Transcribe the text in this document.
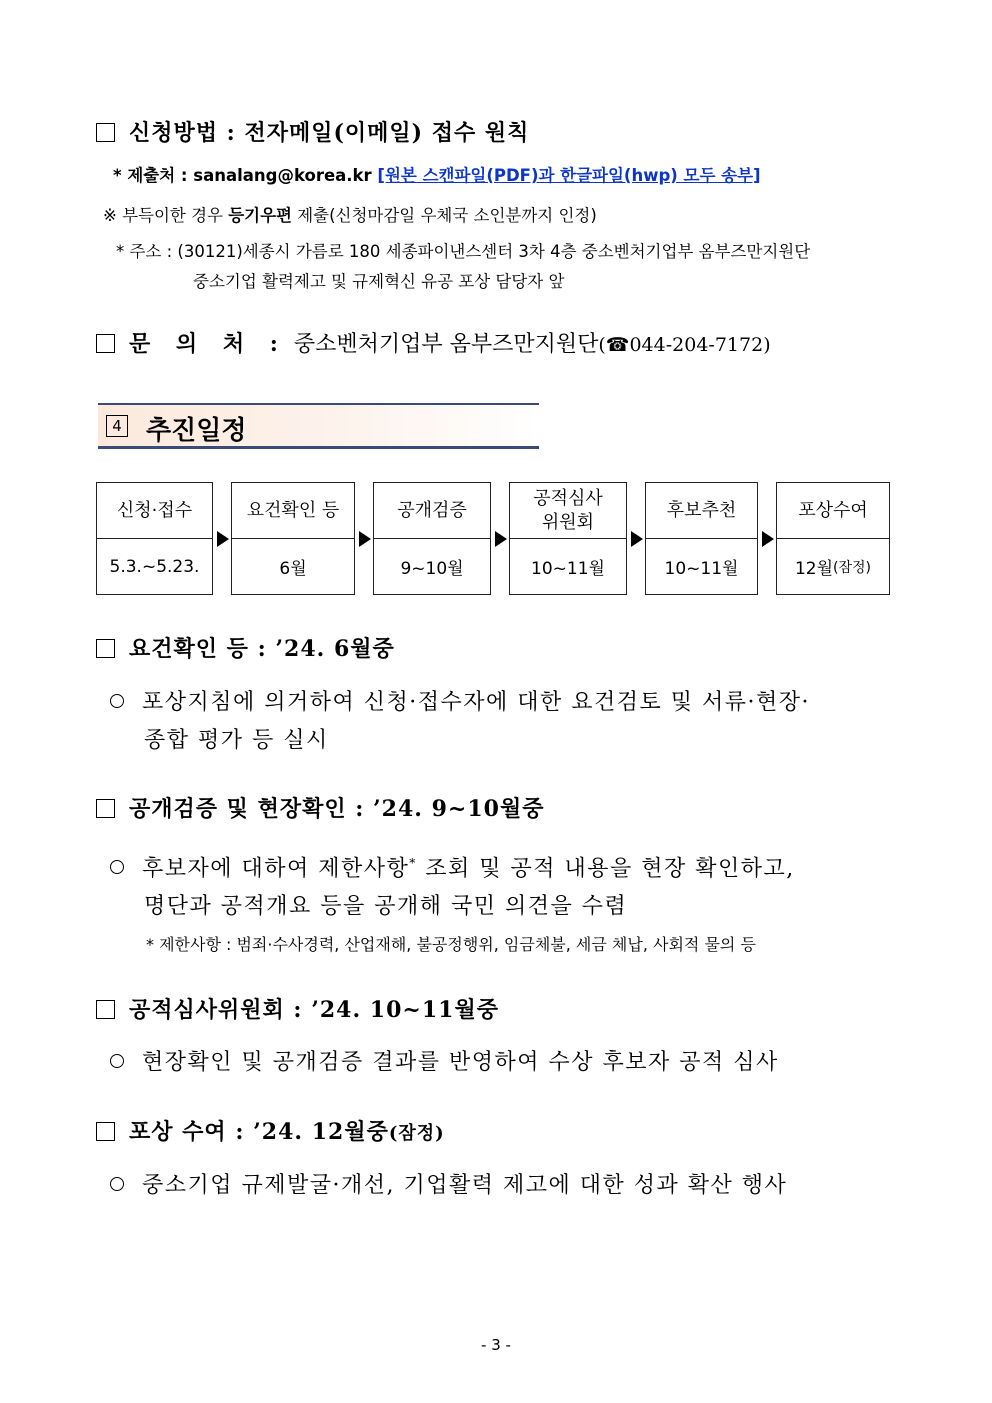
신청방법 : 전자메일(이메일) 접수 원칙
* 제출처 : sanalang@korea.kr [원본 스캔파일(PDF)과 한글파일(hwp) 모두 송부]
※ 부득이한 경우 등기우편 제출(신청마감일 우체국 소인분까지 인정)
* 주소 : (30121)세종시 가름로 180 세종파이낸스센터 3차 4층 중소벤처기업부 옴부즈만지원단
중소기업 활력제고 및 규제혁신 유공 포상 담당자 앞
문 의 처 : 중소벤처기업부 옴부즈만지원단(☎044-204-7172)
4 추진일정
신청·접수
5.3.~5.23.
요건확인 등
6월
공개검증
9~10월
공적심사
위원회
10~11월
후보추천
10~11월
포상수여
12월 (잠정)
요건확인 등 : ’24. 6월중
포상지침에 의거하여 신청·접수자에 대한 요건검토 및 서류·현장·
종합 평가 등 실시
공개검증 및 현장확인 : ’24. 9~10월중
후보자에 대하여 제한사항* 조회 및 공적 내용을 현장 확인하고,
명단과 공적개요 등을 공개해 국민 의견을 수렴
* 제한사항 : 범죄·수사경력, 산업재해, 불공정행위, 임금체불, 세금 체납, 사회적 물의 등
공적심사위원회 : ’24. 10~11월중
현장확인 및 공개검증 결과를 반영하여 수상 후보자 공적 심사
포상 수여 : ’24. 12월중(잠정)
중소기업 규제발굴·개선, 기업활력 제고에 대한 성과 확산 행사
- 3 -
